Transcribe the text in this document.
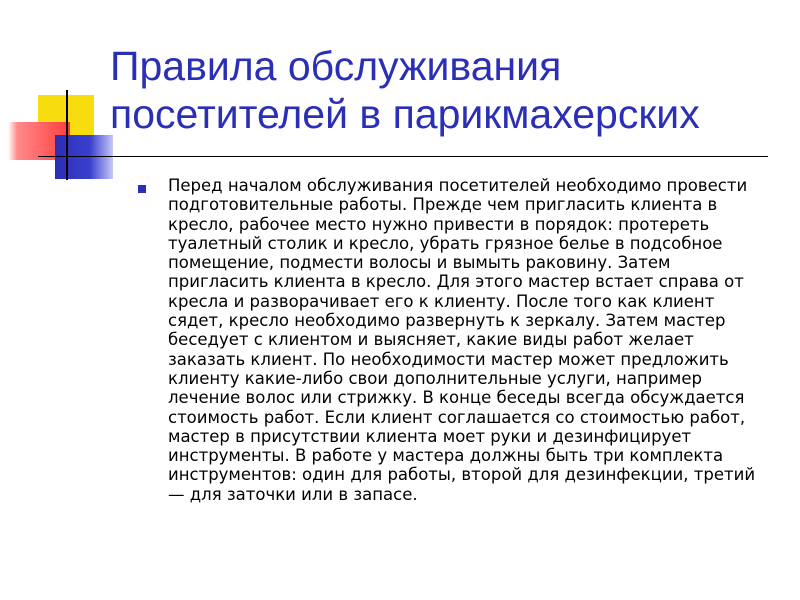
Правила обслуживания посетителей в парикмахерских

Перед началом обслуживания посетителей необходимо провести подготовительные работы. Прежде чем пригласить клиента в кресло, рабочее место нужно привести в порядок: протереть туалетный столик и кресло, убрать грязное белье в подсобное помещение, подмести волосы и вымыть раковину. Затем пригласить клиента в кресло. Для этого мастер встает справа от кресла и разворачивает его к клиенту. После того как клиент сядет, кресло необходимо развернуть к зеркалу. Затем мастер беседует с клиентом и выясняет, какие виды работ желает заказать клиент. По необходимости мастер может предложить клиенту какие-либо свои дополнительные услуги, например лечение волос или стрижку. В конце беседы всегда обсуждается стоимость работ. Если клиент соглашается со стоимостью работ, мастер в присутствии клиента моет руки и дезинфицирует инструменты. В работе у мастера должны быть три комплекта инструментов: один для работы, второй для дезинфекции, третий — для заточки или в запасе.
